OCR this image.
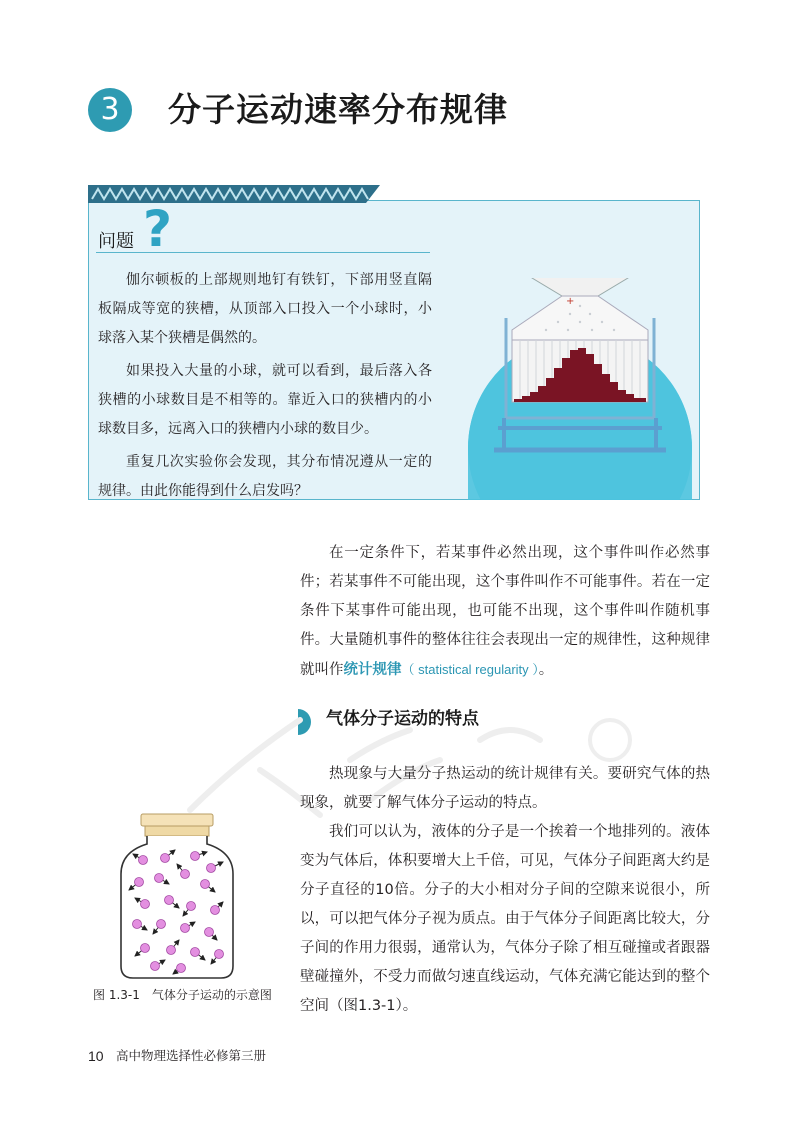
3	分子运动速率分布规律
?
问题

伽尔顿板的上部规则地钉有铁钉，下部用竖直隔板隔成等宽的狭槽，从顶部入口投入一个小球时，小球落入某个狭槽是偶然的。

如果投入大量的小球，就可以看到，最后落入各狭槽的小球数目是不相等的。靠近入口的狭槽内的小球数目多，远离入口的狭槽内小球的数目少。

重复几次实验你会发现，其分布情况遵从一定的规律。由此你能得到什么启发吗？

+

在一定条件下，若某事件必然出现，这个事件叫作必然事件；若某事件不可能出现，这个事件叫作不可能事件。若在一定条件下某事件可能出现，也可能不出现，这个事件叫作随机事件。大量随机事件的整体往往会表现出一定的规律性，这种规律就叫作统计规律（ statistical regularity ）。

气体分子运动的特点

热现象与大量分子热运动的统计规律有关。要研究气体的热现象，就要了解气体分子运动的特点。

我们可以认为，液体的分子是一个挨着一个地排列的。液体变为气体后，体积要增大上千倍，可见，气体分子间距离大约是分子直径的10倍。分子的大小相对分子间的空隙来说很小，所以，可以把气体分子视为质点。由于气体分子间距离比较大，分子间的作用力很弱，通常认为，气体分子除了相互碰撞或者跟器壁碰撞外，不受力而做匀速直线运动，气体充满它能达到的整个空间（图1.3-1）。

图 1.3-1　气体分子运动的示意图
10 高中物理选择性必修第三册
